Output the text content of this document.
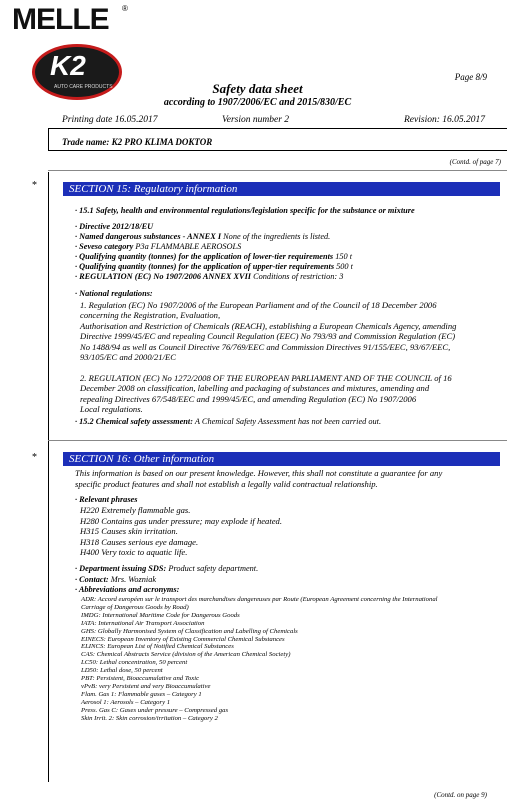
MELLE ®
K2
AUTO CARE PRODUCTS
Page 8/9
Safety data sheet
according to 1907/2006/EC and 2015/830/EC
Printing date 16.05.2017	Version number 2	Revision: 16.05.2017
Trade name: K2 PRO KLIMA DOKTOR
(Contd. of page 7)
*	SECTION 15: Regulatory information
· 15.1 Safety, health and environmental regulations/legislation specific for the substance or mixture
· Directive 2012/18/EU
· Named dangerous substances - ANNEX I None of the ingredients is listed.
· Seveso category P3a FLAMMABLE AEROSOLS
· Qualifying quantity (tonnes) for the application of lower-tier requirements 150 t
· Qualifying quantity (tonnes) for the application of upper-tier requirements 500 t
· REGULATION (EC) No 1907/2006 ANNEX XVII Conditions of restriction: 3
· National regulations:
1. Regulation (EC) No 1907/2006 of the European Parliament and of the Council of 18 December 2006
concerning the Registration, Evaluation,
Authorisation and Restriction of Chemicals (REACH), establishing a European Chemicals Agency, amending
Directive 1999/45/EC and repealing Council Regulation (EEC) No 793/93 and Commission Regulation (EC)
No 1488/94 as well as Council Directive 76/769/EEC and Commission Directives 91/155/EEC, 93/67/EEC,
93/105/EC and 2000/21/EC
2. REGULATION (EC) No 1272/2008 OF THE EUROPEAN PARLIAMENT AND OF THE COUNCIL of 16
December 2008 on classification, labelling and packaging of substances and mixtures, amending and
repealing Directives 67/548/EEC and 1999/45/EC, and amending Regulation (EC) No 1907/2006
Local regulations.
· 15.2 Chemical safety assessment: A Chemical Safety Assessment has not been carried out.
*	SECTION 16: Other information
This information is based on our present knowledge. However, this shall not constitute a guarantee for any
specific product features and shall not establish a legally valid contractual relationship.
· Relevant phrases
H220 Extremely flammable gas.
H280 Contains gas under pressure; may explode if heated.
H315 Causes skin irritation.
H318 Causes serious eye damage.
H400 Very toxic to aquatic life.
· Department issuing SDS: Product safety department.
· Contact: Mrs. Wozniak
· Abbreviations and acronyms:
ADR: Accord européen sur le transport des marchandises dangereuses par Route (European Agreement concerning the International
Carriage of Dangerous Goods by Road)
IMDG: International Maritime Code for Dangerous Goods
IATA: International Air Transport Association
GHS: Globally Harmonised System of Classification and Labelling of Chemicals
EINECS: European Inventory of Existing Commercial Chemical Substances
ELINCS: European List of Notified Chemical Substances
CAS: Chemical Abstracts Service (division of the American Chemical Society)
LC50: Lethal concentration, 50 percent
LD50: Lethal dose, 50 percent
PBT: Persistent, Bioaccumulative and Toxic
vPvB: very Persistent and very Bioaccumulative
Flam. Gas 1: Flammable gases – Category 1
Aerosol 1: Aerosols – Category 1
Press. Gas C: Gases under pressure – Compressed gas
Skin Irrit. 2: Skin corrosion/irritation – Category 2
(Contd. on page 9)
